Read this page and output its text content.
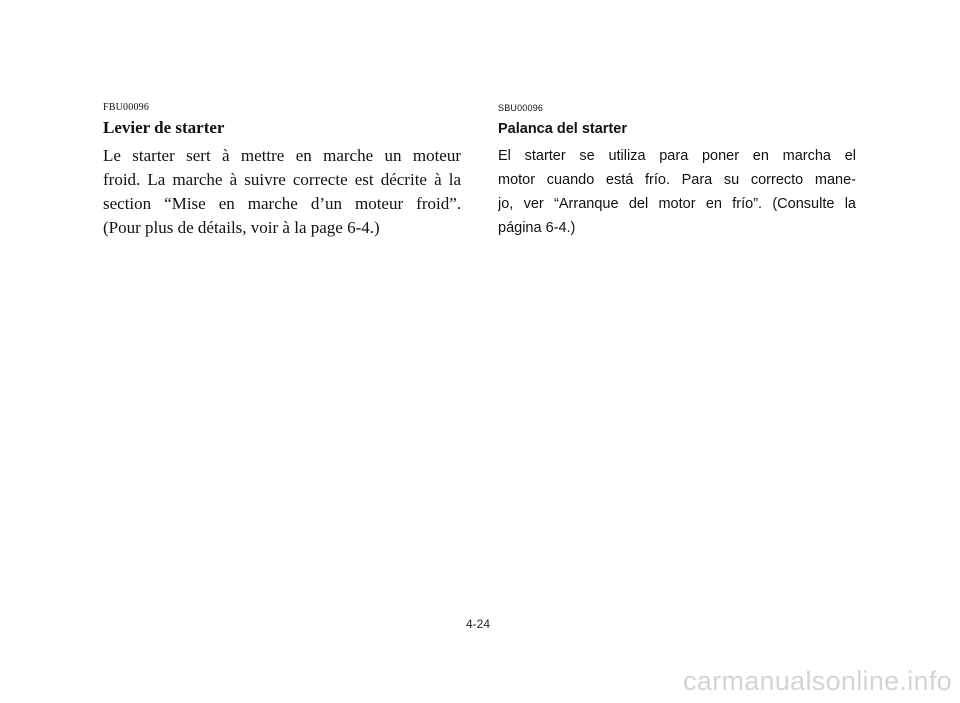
FBU00096
Levier de starter
Le starter sert à mettre en marche un moteur
froid. La marche à suivre correcte est décrite à la
section “Mise en marche d’un moteur froid”.
(Pour plus de détails, voir à la page 6-4.)
SBU00096
Palanca del starter
El starter se utiliza para poner en marcha el
motor cuando está frío. Para su correcto mane-
jo, ver “Arranque del motor en frío”. (Consulte la
página 6-4.)
4-24
carmanualsonline.info
